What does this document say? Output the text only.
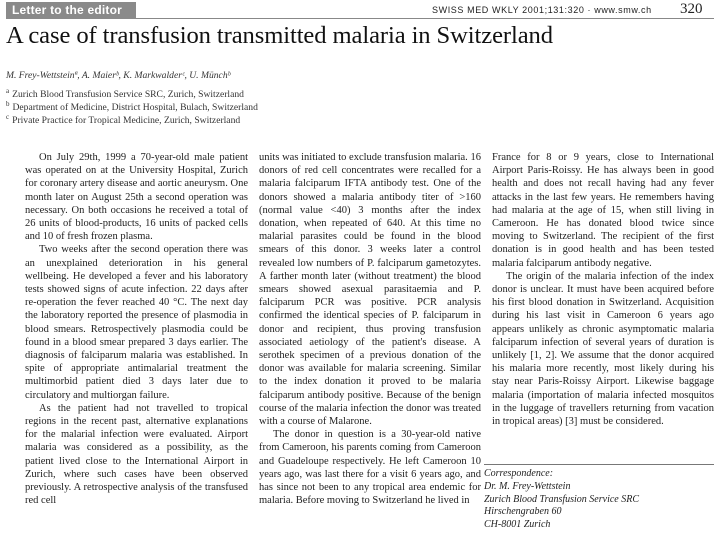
Letter to the editor	SWISS MED WKLY 2001;131:320 · www.smw.ch 320
A case of transfusion transmitted malaria in Switzerland
M. Frey-Wettsteinª, A. Maierᵇ, K. Markwalderᶜ, U. Münchᵇ
$^a$ Zurich Blood Transfusion Service SRC, Zurich, Switzerland
$^b$ Department of Medicine, District Hospital, Bulach, Switzerland
$^c$ Private Practice for Tropical Medicine, Zurich, Switzerland

On July 29th, 1999 a 70-year-old male patient was operated on at the University Hospital, Zurich for coronary artery disease and aortic aneurysm. One month later on August 25th a second operation was necessary. On both occasions he received a total of 26 units of blood-products, 16 units of packed cells and 10 of fresh frozen plasma.

Two weeks after the second operation there was an unexplained deterioration in his general wellbeing. He developed a fever and his laboratory tests showed signs of acute infection. 22 days after re-operation the fever reached 40 °C. The next day the laboratory reported the presence of plasmodia in blood smears. Retrospectively plasmodia could be found in a blood smear prepared 3 days earlier. The diagnosis of falciparum malaria was established. In spite of appropriate antimalarial treatment the multimorbid patient died 3 days later due to circulatory and multiorgan failure.

As the patient had not travelled to tropical regions in the recent past, alternative explanations for the malarial infection were evaluated. Airport malaria was considered as a possibility, as the patient lived close to the International Airport in Zurich, where such cases have been observed previously. A retrospective analysis of the transfused red cell

units was initiated to exclude transfusion malaria. 16 donors of red cell concentrates were recalled for a malaria falciparum IFTA antibody test. One of the donors showed a malaria antibody titer of >160 (normal value <40) 3 months after the index donation, when repeated of 640. At this time no malarial parasites could be found in the blood smears of this donor. 3 weeks later a control revealed low numbers of P. falciparum gametozytes. A farther month later (without treatment) the blood smears showed asexual parasitaemia and P. falciparum PCR was positive. PCR analysis confirmed the identical species of P. falciparum in donor and recipient, thus proving transfusion associated aetiology of the patient's disease. A serothek specimen of a previous donation of the donor was available for malaria screening. Similar to the index donation it proved to be malaria falciparum antibody positive. Because of the benign course of the malaria infection the donor was treated with a course of Malarone.

The donor in question is a 30-year-old native from Cameroon, his parents coming from Cameroon and Guadeloupe respectively. He left Cameroon 10 years ago, was last there for a visit 6 years ago, and has since not been to any tropical area endemic for malaria. Before moving to Switzerland he lived in

France for 8 or 9 years, close to International Airport Paris-Roissy. He has always been in good health and does not recall having had any fever attacks in the last few years. He remembers having had malaria at the age of 15, when still living in Cameroon. He has donated blood twice since moving to Switzerland. The recipient of the first donation is in good health and has been tested malaria falciparum antibody negative.

The origin of the malaria infection of the index donor is unclear. It must have been acquired before his first blood donation in Switzerland. Acquisition during his last visit in Cameroon 6 years ago appears unlikely as chronic asymptomatic malaria falciparum infection of several years of duration is unlikely [1, 2]. We assume that the donor acquired his malaria more recently, most likely during his stay near Paris-Roissy Airport. Likewise baggage malaria (importation of malaria infected mosquitos in the luggage of travellers returning from vacation in tropical areas) [3] must be considered.

Correspondence:
Dr. M. Frey-Wettstein
Zurich Blood Transfusion Service SRC
Hirschengraben 60
CH-8001 Zurich
